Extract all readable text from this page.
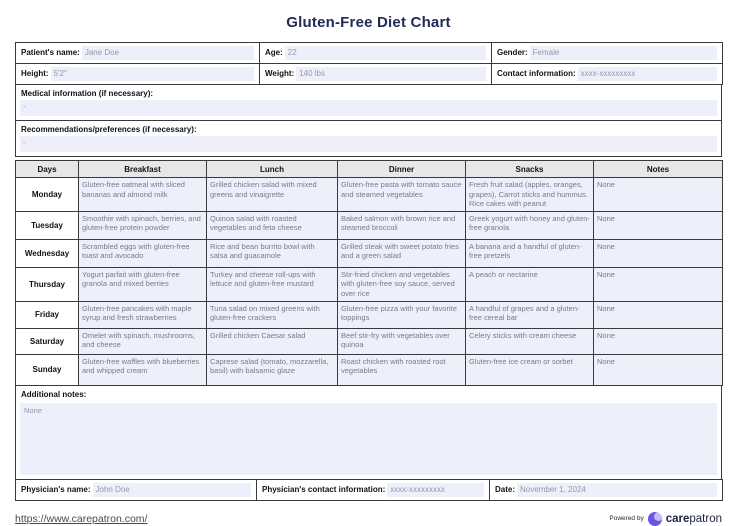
Gluten-Free Diet Chart
Patient's name: Jane Doe	Age: 22	Gender: Female

Height: 5'2"	Weight: 140 lbs	Contact information: xxxx-xxxxxxxxx
Medical information (if necessary):
-
Recommendations/preferences (if necessary):
-
Days	Breakfast	Lunch	Dinner	Snacks	Notes
Monday	Gluten-free oatmeal with sliced bananas and almond milk	Grilled chicken salad with mixed greens and vinaigrette	Gluten-free pasta with tomato sauce and steamed vegetables	Fresh fruit salad (apples, oranges, grapes), Carrot sticks and hummus. Rice cakes with peanut	None
Tuesday	Smoothie with spinach, berries, and gluten-free protein powder	Quinoa salad with roasted vegetables and feta cheese	Baked salmon with brown rice and steamed broccoli	Greek yogurt with honey and gluten-free granola	None
Wednesday	Scrambled eggs with gluten-free toast and avocado	Rice and bean burrito bowl with salsa and guacamole	Grilled steak with sweet potato fries and a green salad	A banana and a handful of gluten-free pretzels	None
Thursday	Yogurt parfait with gluten-free granola and mixed berries	Turkey and cheese roll-ups with lettuce and gluten-free mustard	Stir-fried chicken and vegetables with gluten-free soy sauce, served over rice	A peach or nectarine	None
Friday	Gluten-free pancakes with maple syrup and fresh strawberries	Tuna salad on mixed greens with gluten-free crackers	Gluten-free pizza with your favorite toppings	A handful of grapes and a gluten-free cereal bar	None
Saturday	Omelet with spinach, mushrooms, and cheese	Grilled chicken Caesar salad	Beef stir-fry with vegetables over quinoa	Celery sticks with cream cheese	None
Sunday	Gluten-free waffles with blueberries and whipped cream	Caprese salad (tomato, mozzarella, basil) with balsamic glaze	Roast chicken with roasted root vegetables	Gluten-free ice cream or sorbet	None
Additional notes:
None
Physician's name: John Doe	Physician's contact information: xxxx-xxxxxxxxx	Date: November 1, 2024
https://www.carepatron.com/	Powered by carepatron
